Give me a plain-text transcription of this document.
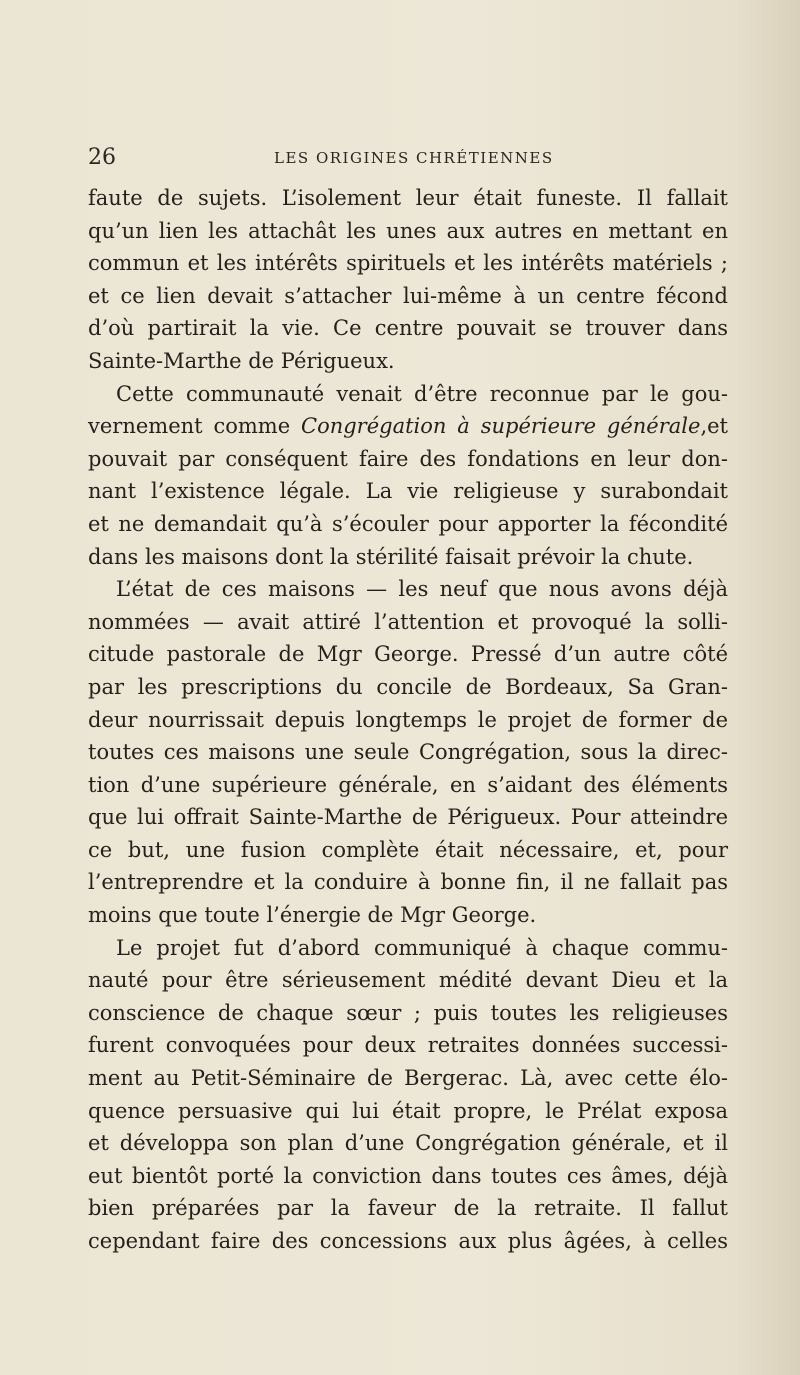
26	LES ORIGINES CHRÉTIENNES
faute de sujets. L’isolement leur était funeste. Il fallait
qu’un lien les attachât les unes aux autres en mettant en
commun et les intérêts spirituels et les intérêts matériels ;
et ce lien devait s’attacher lui-même à un centre fécond
d’où partirait la vie. Ce centre pouvait se trouver dans
Sainte-Marthe de Périgueux.
Cette communauté venait d’être reconnue par le gou-
vernement comme Congrégation à supérieure générale,et
pouvait par conséquent faire des fondations en leur don-
nant l’existence légale. La vie religieuse y surabondait
et ne demandait qu’à s’écouler pour apporter la fécondité
dans les maisons dont la stérilité faisait prévoir la chute.
L’état de ces maisons — les neuf que nous avons déjà
nommées — avait attiré l’attention et provoqué la solli-
citude pastorale de Mgr George. Pressé d’un autre côté
par les prescriptions du concile de Bordeaux, Sa Gran-
deur nourrissait depuis longtemps le projet de former de
toutes ces maisons une seule Congrégation, sous la direc-
tion d’une supérieure générale, en s’aidant des éléments
que lui offrait Sainte-Marthe de Périgueux. Pour atteindre
ce but, une fusion complète était nécessaire, et, pour
l’entreprendre et la conduire à bonne fin, il ne fallait pas
moins que toute l’énergie de Mgr George.
Le projet fut d’abord communiqué à chaque commu-
nauté pour être sérieusement médité devant Dieu et la
conscience de chaque sœur ; puis toutes les religieuses
furent convoquées pour deux retraites données successi-
ment au Petit-Séminaire de Bergerac. Là, avec cette élo-
quence persuasive qui lui était propre, le Prélat exposa
et développa son plan d’une Congrégation générale, et il
eut bientôt porté la conviction dans toutes ces âmes, déjà
bien préparées par la faveur de la retraite. Il fallut
cependant faire des concessions aux plus âgées, à celles
